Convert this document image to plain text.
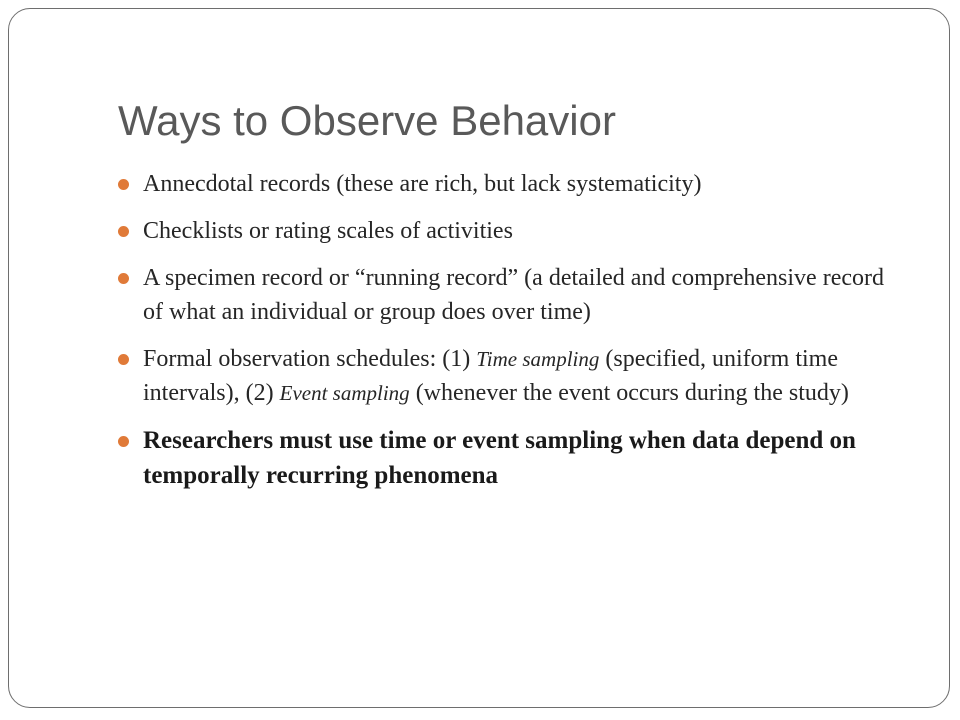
Ways to Observe Behavior
Annecdotal records (these are rich, but lack systematicity)
Checklists or rating scales of activities
A specimen record or “running record” (a detailed and comprehensive record of what an individual or group does over time)
Formal observation schedules: (1) Time sampling (specified, uniform time intervals), (2) Event sampling (whenever the event occurs during the study)
Researchers must use time or event sampling when data depend on temporally recurring phenomena
